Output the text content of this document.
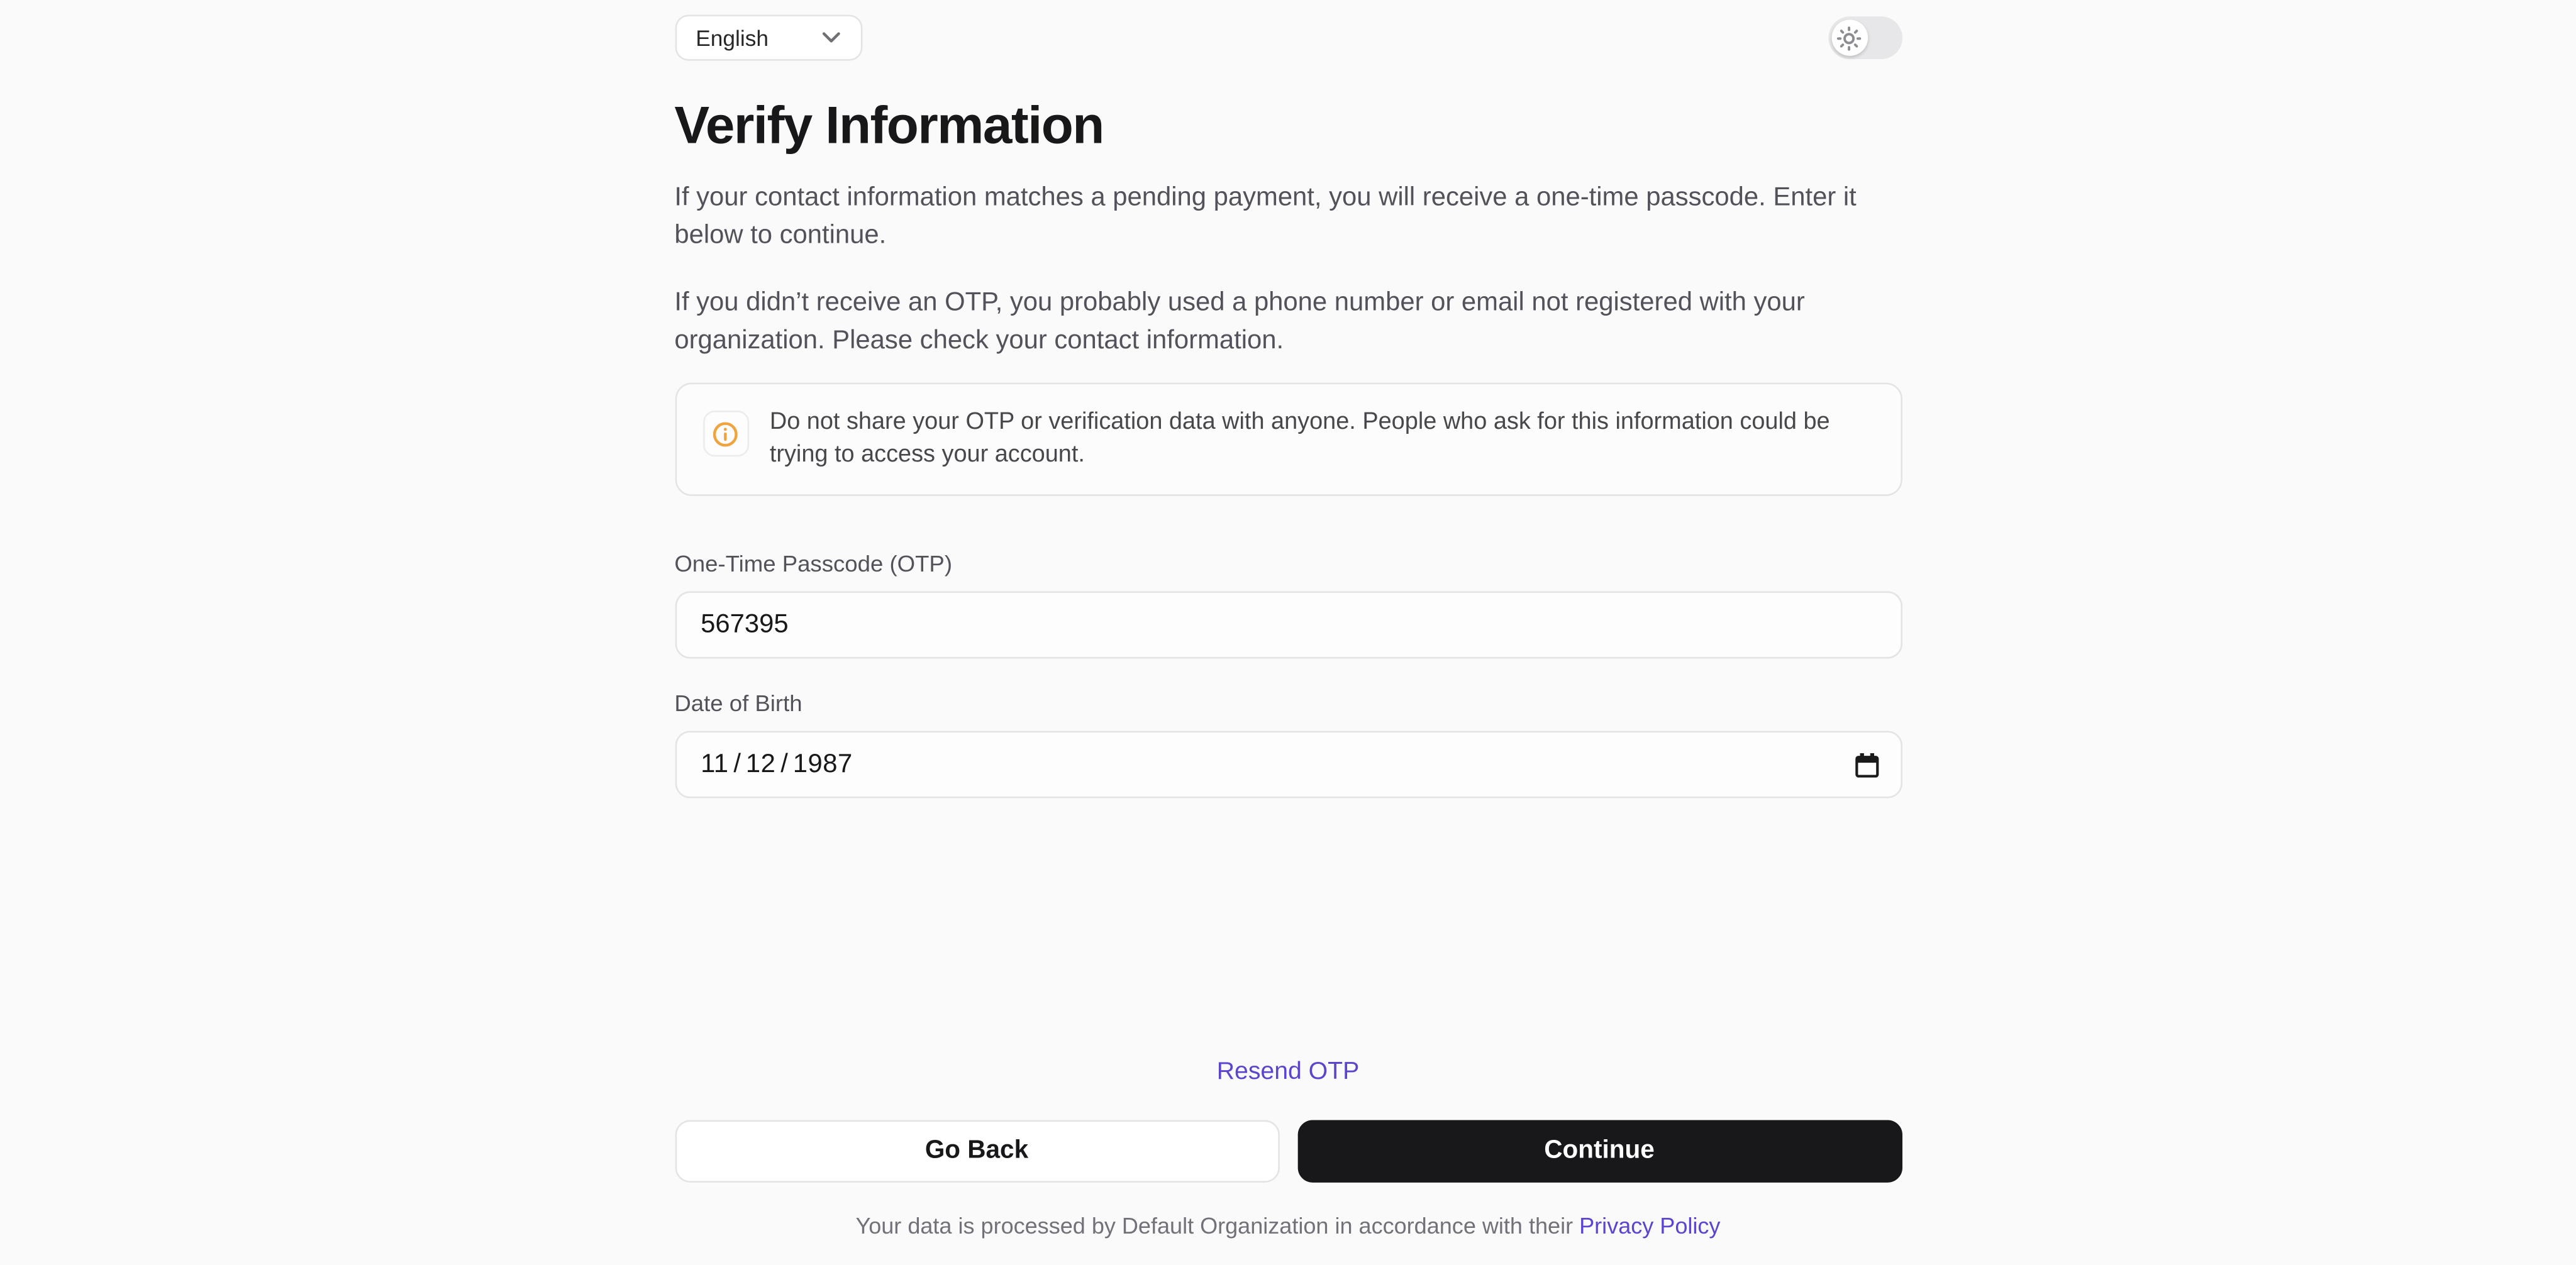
English
Verify Information

If your contact information matches a pending payment, you will receive a one-time passcode. Enter it below to continue.

If you didn’t receive an OTP, you probably used a phone number or email not registered with your organization. Please check your contact information.

Do not share your OTP or verification data with anyone. People who ask for this information could be trying to access your account.
One-Time Passcode (OTP)
567395
Date of Birth
11 / 12 / 1987
Resend OTP
Go Back	Continue
Your data is processed by Default Organization in accordance with their Privacy Policy
